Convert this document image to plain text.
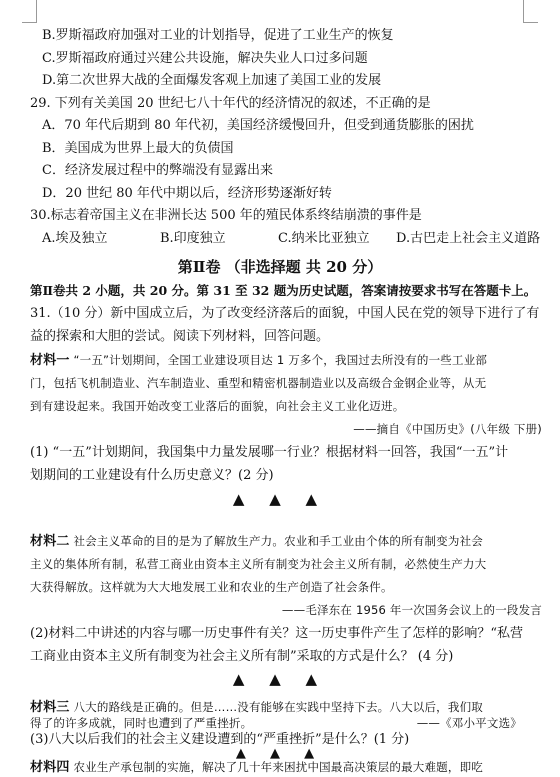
B.罗斯福政府加强对工业的计划指导，促进了工业生产的恢复
C.罗斯福政府通过兴建公共设施，解决失业人口过多问题
D.第二次世界大战的全面爆发客观上加速了美国工业的发展
29. 下列有关美国 20 世纪七八十年代的经济情况的叙述，不正确的是
A．70 年代后期到 80 年代初，美国经济缓慢回升，但受到通货膨胀的困扰
B．美国成为世界上最大的负债国
C．经济发展过程中的弊端没有显露出来
D．20 世纪 80 年代中期以后，经济形势逐渐好转
30.标志着帝国主义在非洲长达 500 年的殖民体系终结崩溃的事件是
A.埃及独立	B.印度独立	C.纳米比亚独立	D.古巴走上社会主义道路
第Ⅱ卷 （非选择题 共 20 分）
第Ⅱ卷共 2 小题，共 20 分。第 31 至 32 题为历史试题，答案请按要求书写在答题卡上。
31.（10 分）新中国成立后，为了改变经济落后的面貌，中国人民在党的领导下进行了有
益的探索和大胆的尝试。阅读下列材料，回答问题。
材料一 “一五”计划期间，全国工业建设项目达 1 万多个，我国过去所没有的一些工业部
门，包括飞机制造业、汽车制造业、重型和精密机器制造业以及高级合金钢企业等，从无
到有建设起来。我国开始改变工业落后的面貌，向社会主义工业化迈进。
——摘自《中国历史》(八年级 下册)
(1) “一五”计划期间，我国集中力量发展哪一行业？根据材料一回答，我国“一五”计
划期间的工业建设有什么历史意义？(2 分)
▲ ▲ ▲
材料二 社会主义革命的目的是为了解放生产力。农业和手工业由个体的所有制变为社会
主义的集体所有制，私营工商业由资本主义所有制变为社会主义所有制，必然使生产力大
大获得解放。这样就为大大地发展工业和农业的生产创造了社会条件。
——毛泽东在 1956 年一次国务会议上的一段发言
(2)材料二中讲述的内容与哪一历史事件有关？这一历史事件产生了怎样的影响？“私营
工商业由资本主义所有制变为社会主义所有制”采取的方式是什么？ (4 分)
▲ ▲ ▲
材料三 八大的路线是正确的。但是……没有能够在实践中坚持下去。八大以后，我们取
得了的许多成就，同时也遭到了严重挫折。	——《邓小平文选》
(3)八大以后我们的社会主义建设遭到的“严重挫折”是什么？(1 分)
▲ ▲ ▲
材料四 农业生产承包制的实施，解决了几十年来困扰中国最高决策层的最大难题，即吃
